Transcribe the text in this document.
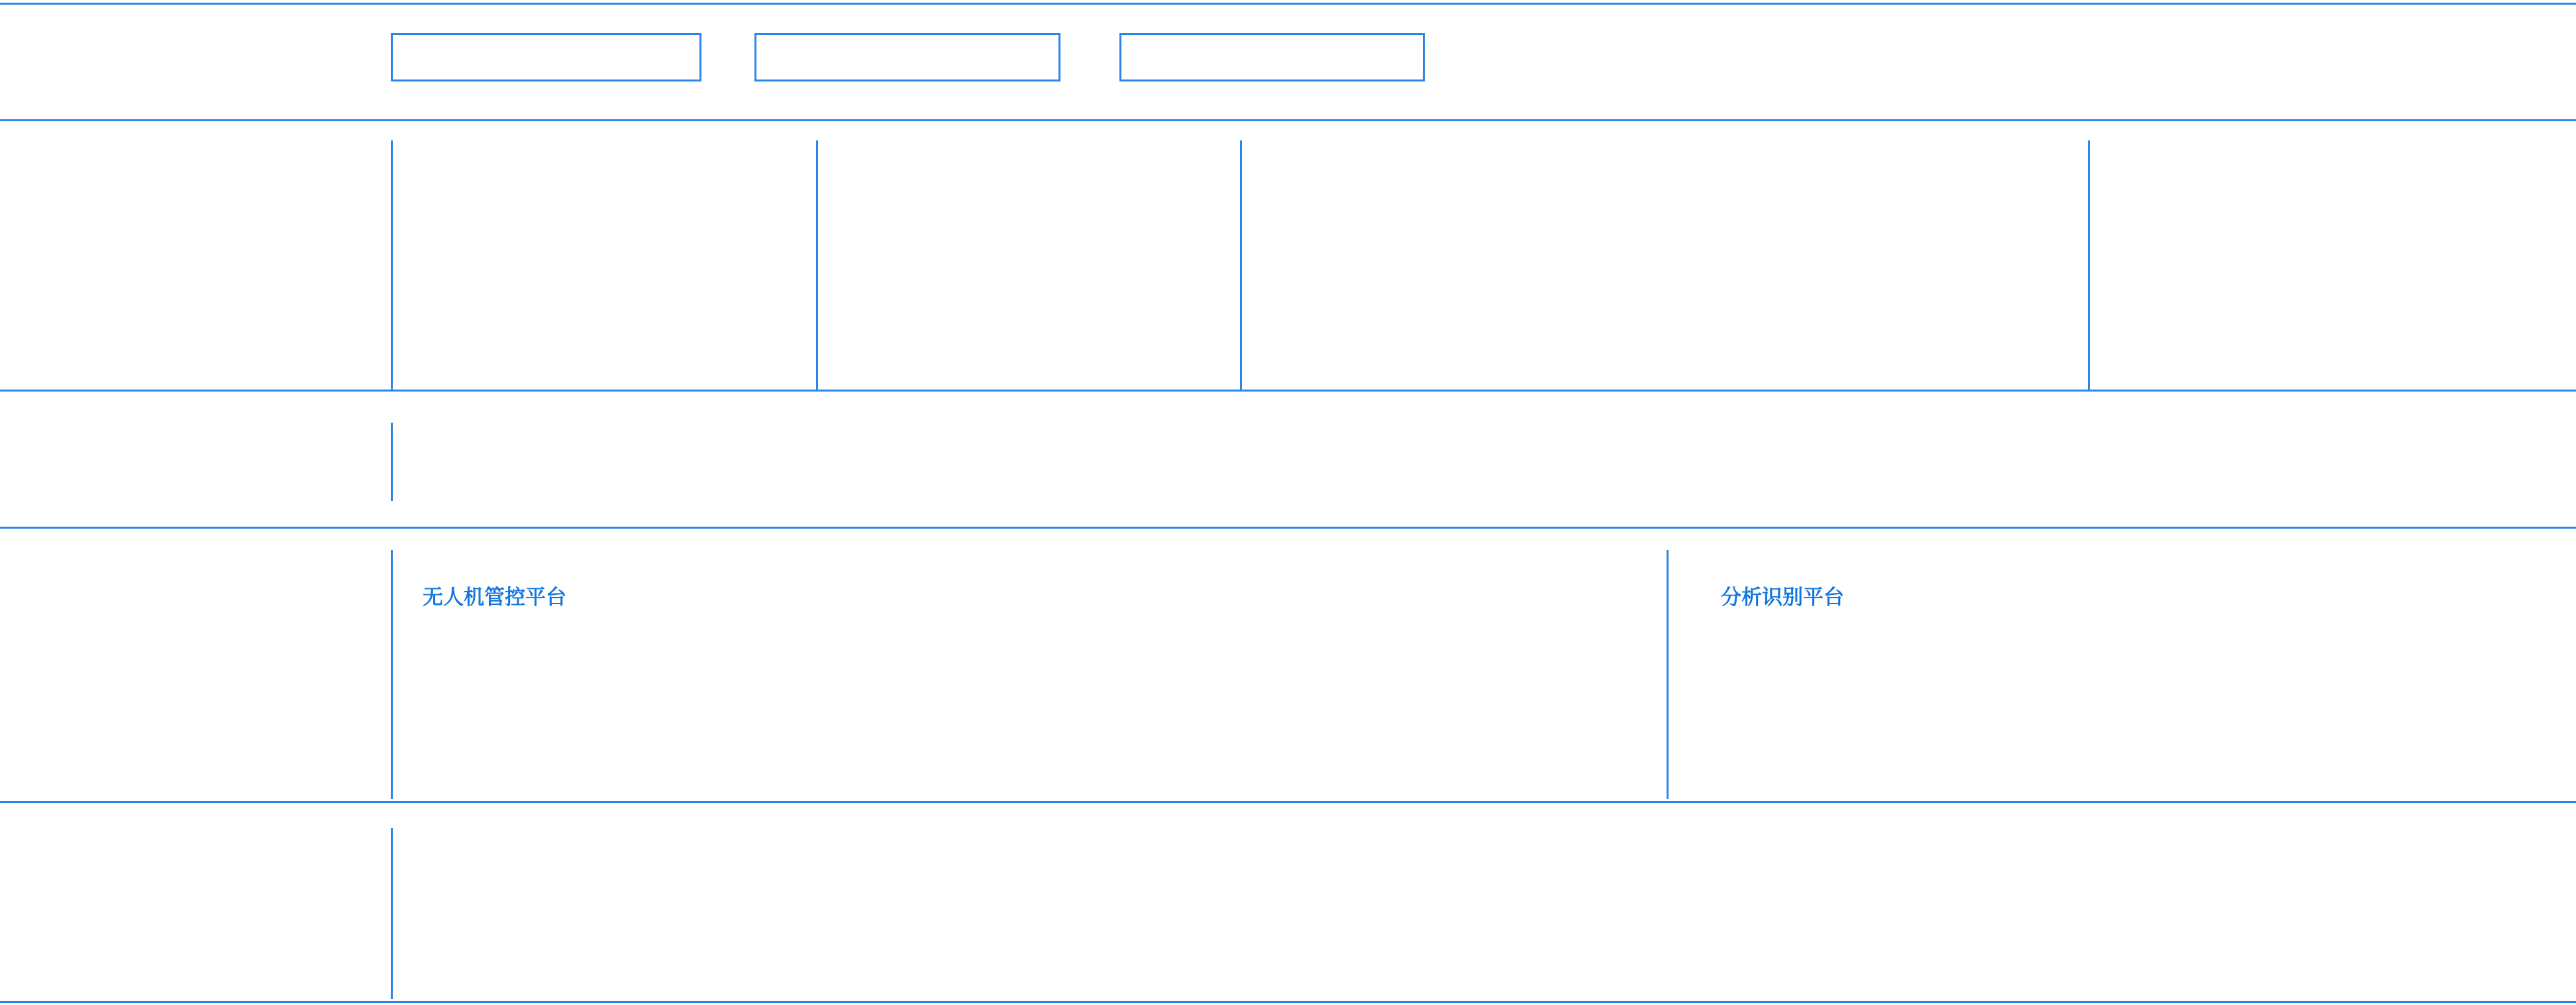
无人机管控平台	分析识别平台
